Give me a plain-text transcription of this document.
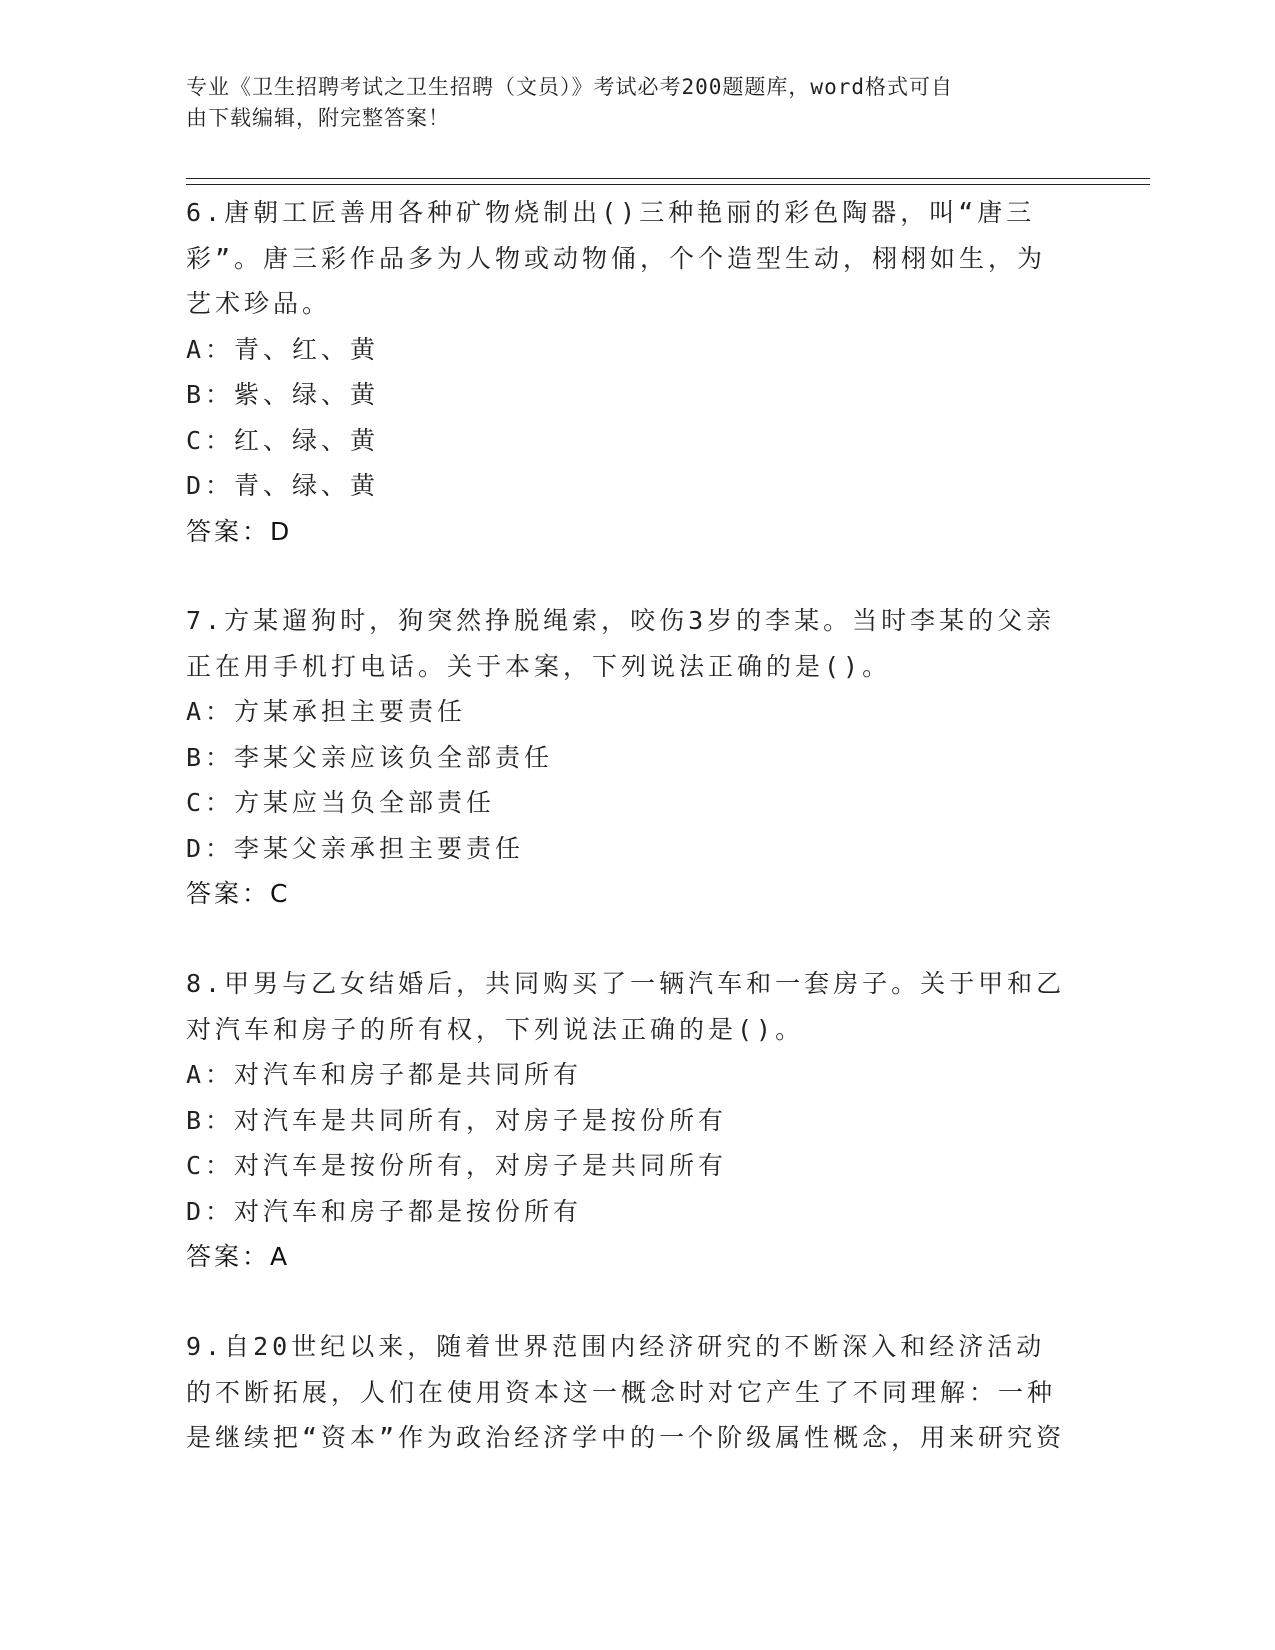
专业《卫生招聘考试之卫生招聘（文员）》考试必考200题题库，word格式可自
由下载编辑，附完整答案！
6.唐朝工匠善用各种矿物烧制出()三种艳丽的彩色陶器，叫“唐三彩”。唐三彩作品多为人物或动物俑，个个造型生动，栩栩如生，为艺术珍品。
A：青、红、黄
B：紫、绿、黄
C：红、绿、黄
D：青、绿、黄
答案：D
7.方某遛狗时，狗突然挣脱绳索，咬伤3岁的李某。当时李某的父亲正在用手机打电话。关于本案，下列说法正确的是()。
A：方某承担主要责任
B：李某父亲应该负全部责任
C：方某应当负全部责任
D：李某父亲承担主要责任
答案：C
8.甲男与乙女结婚后，共同购买了一辆汽车和一套房子。关于甲和乙对汽车和房子的所有权，下列说法正确的是()。
A：对汽车和房子都是共同所有
B：对汽车是共同所有，对房子是按份所有
C：对汽车是按份所有，对房子是共同所有
D：对汽车和房子都是按份所有
答案：A
9.自20世纪以来，随着世界范围内经济研究的不断深入和经济活动的不断拓展，人们在使用资本这一概念时对它产生了不同理解：一种是继续把“资本”作为政治经济学中的一个阶级属性概念，用来研究资
